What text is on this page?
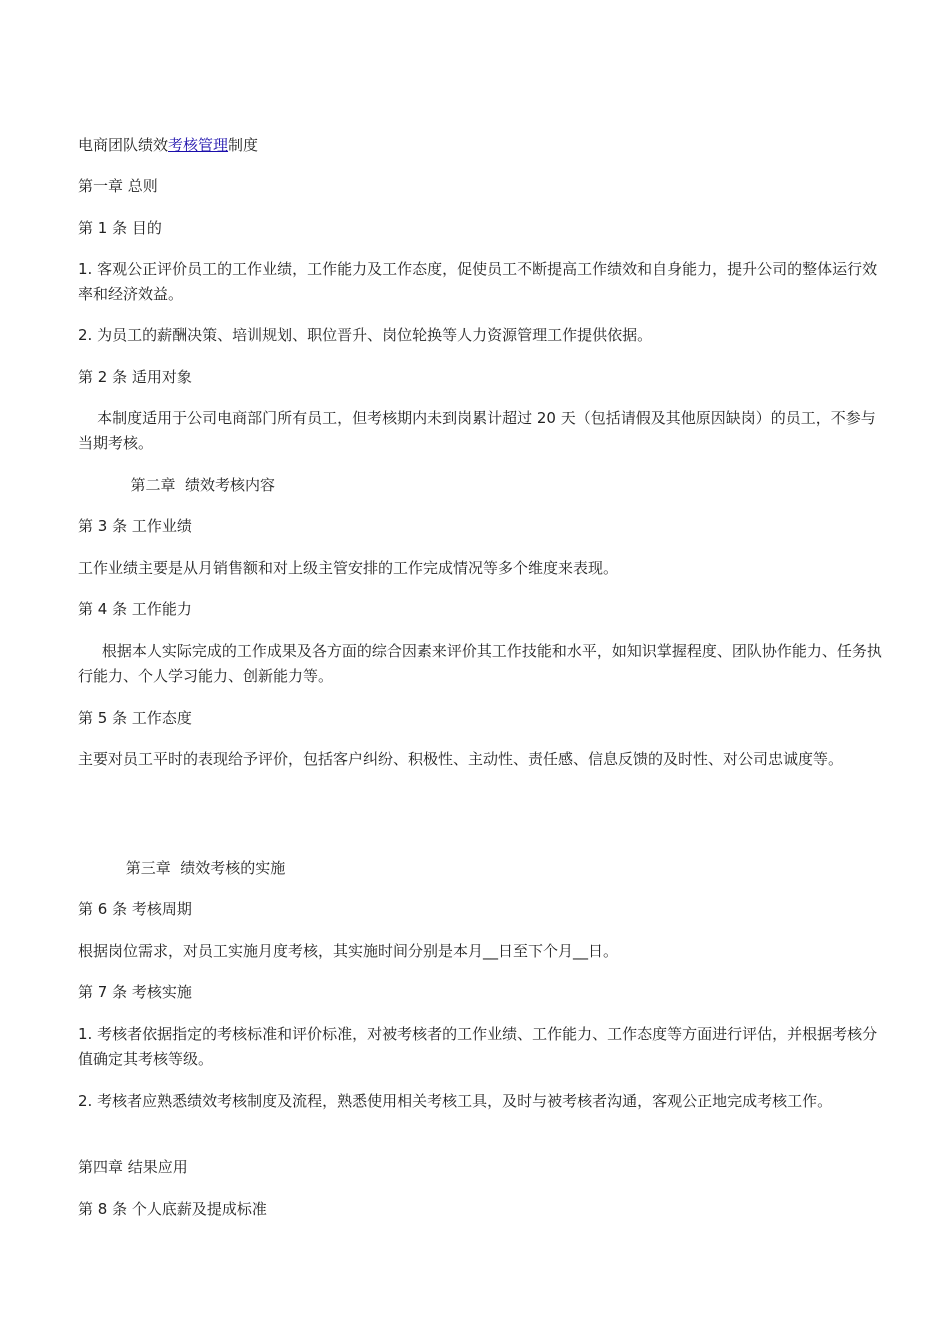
电商团队绩效考核管理制度

第一章 总则

第 1 条 目的

1. 客观公正评价员工的工作业绩，工作能力及工作态度，促使员工不断提高工作绩效和自身能力，提升公司的整体运行效率和经济效益。

2. 为员工的薪酬决策、培训规划、职位晋升、岗位轮换等人力资源管理工作提供依据。

第 2 条 适用对象

本制度适用于公司电商部门所有员工，但考核期内未到岗累计超过 20 天（包括请假及其他原因缺岗）的员工，不参与当期考核。

第二章  绩效考核内容

第 3 条 工作业绩

工作业绩主要是从月销售额和对上级主管安排的工作完成情况等多个维度来表现。

第 4 条 工作能力

根据本人实际完成的工作成果及各方面的综合因素来评价其工作技能和水平，如知识掌握程度、团队协作能力、任务执行能力、个人学习能力、创新能力等。

第 5 条 工作态度

主要对员工平时的表现给予评价，包括客户纠纷、积极性、主动性、责任感、信息反馈的及时性、对公司忠诚度等。

第三章  绩效考核的实施

第 6 条 考核周期

根据岗位需求，对员工实施月度考核，其实施时间分别是本月__日至下个月__日。

第 7 条 考核实施

1. 考核者依据指定的考核标准和评价标准，对被考核者的工作业绩、工作能力、工作态度等方面进行评估，并根据考核分值确定其考核等级。

2. 考核者应熟悉绩效考核制度及流程，熟悉使用相关考核工具，及时与被考核者沟通，客观公正地完成考核工作。

第四章 结果应用

第 8 条 个人底薪及提成标准
